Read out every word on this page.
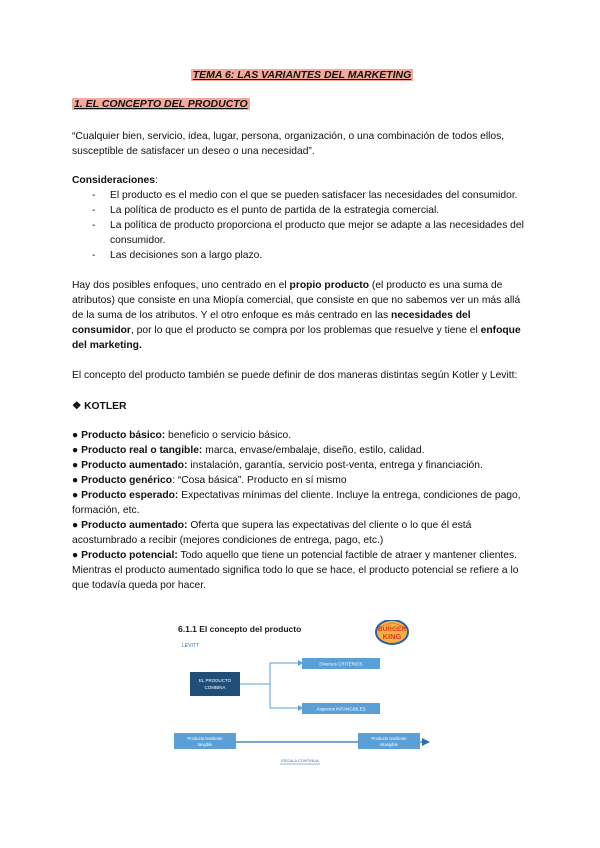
TEMA 6: LAS VARIANTES DEL MARKETING
1. EL CONCEPTO DEL PRODUCTO

“Cualquier bien, servicio, idea, lugar, persona, organización, o una combinación de todos ellos, susceptible de satisfacer un deseo o una necesidad”.

Consideraciones:

- El producto es el medio con el que se pueden satisfacer las necesidades del consumidor.
- La política de producto es el punto de partida de la estrategia comercial.
- La política de producto proporciona el producto que mejor se adapte a las necesidades del consumidor.
- Las decisiones son a largo plazo.

Hay dos posibles enfoques, uno centrado en el propio producto (el producto es una suma de atributos) que consiste en una Miopía comercial, que consiste en que no sabemos ver un más allá de la suma de los atributos. Y el otro enfoque es más centrado en las necesidades del consumidor, por lo que el producto se compra por los problemas que resuelve y tiene el enfoque del marketing.

El concepto del producto también se puede definir de dos maneras distintas según Kotler y Levitt:

❖ KOTLER

● Producto básico: beneficio o servicio básico.

● Producto real o tangible: marca, envase/embalaje, diseño, estilo, calidad.

● Producto aumentado: instalación, garantía, servicio post-venta, entrega y financiación.

● Producto genérico: “Cosa básica”. Producto en sí mismo

● Producto esperado: Expectativas mínimas del cliente. Incluye la entrega, condiciones de pago, formación, etc.

● Producto aumentado: Oferta que supera las expectativas del cliente o lo que él está acostumbrado a recibir (mejores condiciones de entrega, pago, etc.)

● Producto potencial: Todo aquello que tiene un potencial factible de atraer y mantener clientes. Mientras el producto aumentado significa todo lo que se hace, el producto potencial se refiere a lo que todavía queda por hacer.

6.1.1 El concepto del producto
LEVITT
BURGER
KING
EL PRODUCTO
COMBINA
Diversos CRITERIOS
Aspectos INTANGIBLES
Producto tendiente
tangible
Producto tendiente
intangible
ESCALA CONTINUA
